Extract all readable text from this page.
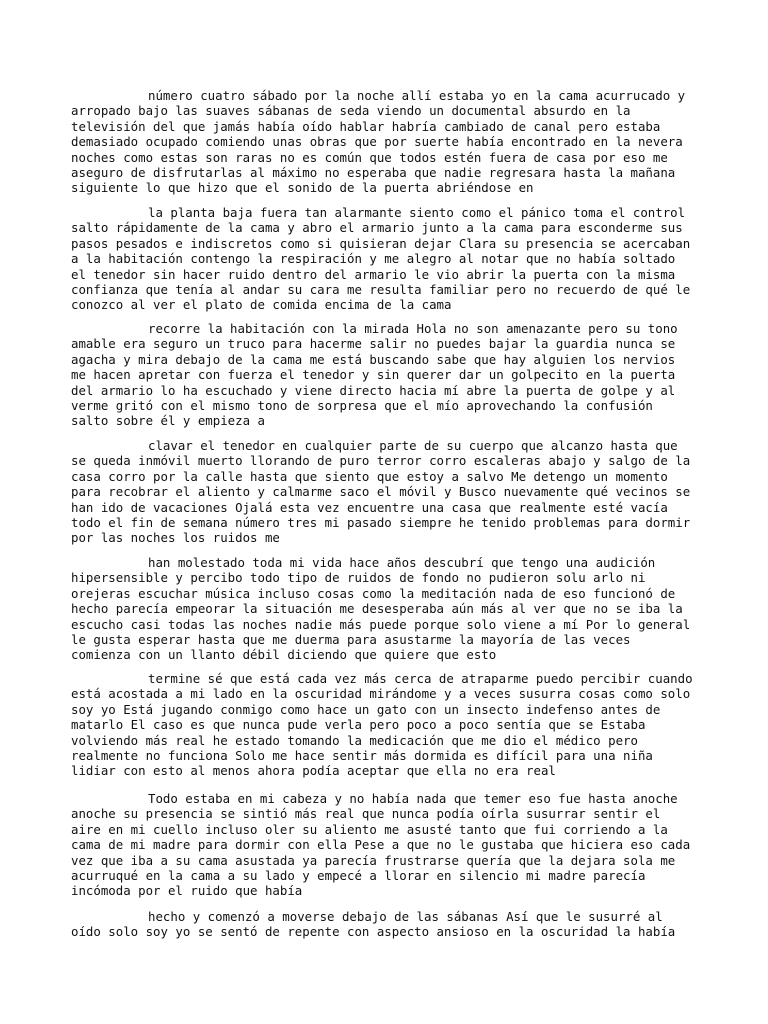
número cuatro sábado por la noche allí estaba yo en la cama acurrucado y
arropado bajo las suaves sábanas de seda viendo un documental absurdo en la
televisión del que jamás había oído hablar habría cambiado de canal pero estaba
demasiado ocupado comiendo unas obras que por suerte había encontrado en la nevera
noches como estas son raras no es común que todos estén fuera de casa por eso me
aseguro de disfrutarlas al máximo no esperaba que nadie regresara hasta la mañana
siguiente lo que hizo que el sonido de la puerta abriéndose en
la planta baja fuera tan alarmante siento como el pánico toma el control
salto rápidamente de la cama y abro el armario junto a la cama para esconderme sus
pasos pesados e indiscretos como si quisieran dejar Clara su presencia se acercaban
a la habitación contengo la respiración y me alegro al notar que no había soltado
el tenedor sin hacer ruido dentro del armario le vio abrir la puerta con la misma
confianza que tenía al andar su cara me resulta familiar pero no recuerdo de qué le
conozco al ver el plato de comida encima de la cama
recorre la habitación con la mirada Hola no son amenazante pero su tono
amable era seguro un truco para hacerme salir no puedes bajar la guardia nunca se
agacha y mira debajo de la cama me está buscando sabe que hay alguien los nervios
me hacen apretar con fuerza el tenedor y sin querer dar un golpecito en la puerta
del armario lo ha escuchado y viene directo hacia mí abre la puerta de golpe y al
verme gritó con el mismo tono de sorpresa que el mío aprovechando la confusión
salto sobre él y empieza a
clavar el tenedor en cualquier parte de su cuerpo que alcanzo hasta que
se queda inmóvil muerto llorando de puro terror corro escaleras abajo y salgo de la
casa corro por la calle hasta que siento que estoy a salvo Me detengo un momento
para recobrar el aliento y calmarme saco el móvil y Busco nuevamente qué vecinos se
han ido de vacaciones Ojalá esta vez encuentre una casa que realmente esté vacía
todo el fin de semana número tres mi pasado siempre he tenido problemas para dormir
por las noches los ruidos me
han molestado toda mi vida hace años descubrí que tengo una audición
hipersensible y percibo todo tipo de ruidos de fondo no pudieron solu arlo ni
orejeras escuchar música incluso cosas como la meditación nada de eso funcionó de
hecho parecía empeorar la situación me desesperaba aún más al ver que no se iba la
escucho casi todas las noches nadie más puede porque solo viene a mí Por lo general
le gusta esperar hasta que me duerma para asustarme la mayoría de las veces
comienza con un llanto débil diciendo que quiere que esto
termine sé que está cada vez más cerca de atraparme puedo percibir cuando
está acostada a mi lado en la oscuridad mirándome y a veces susurra cosas como solo
soy yo Está jugando conmigo como hace un gato con un insecto indefenso antes de
matarlo El caso es que nunca pude verla pero poco a poco sentía que se Estaba
volviendo más real he estado tomando la medicación que me dio el médico pero
realmente no funciona Solo me hace sentir más dormida es difícil para una niña
lidiar con esto al menos ahora podía aceptar que ella no era real
Todo estaba en mi cabeza y no había nada que temer eso fue hasta anoche
anoche su presencia se sintió más real que nunca podía oírla susurrar sentir el
aire en mi cuello incluso oler su aliento me asusté tanto que fui corriendo a la
cama de mi madre para dormir con ella Pese a que no le gustaba que hiciera eso cada
vez que iba a su cama asustada ya parecía frustrarse quería que la dejara sola me
acurruqué en la cama a su lado y empecé a llorar en silencio mi madre parecía
incómoda por el ruido que había
hecho y comenzó a moverse debajo de las sábanas Así que le susurré al
oído solo soy yo se sentó de repente con aspecto ansioso en la oscuridad la había
